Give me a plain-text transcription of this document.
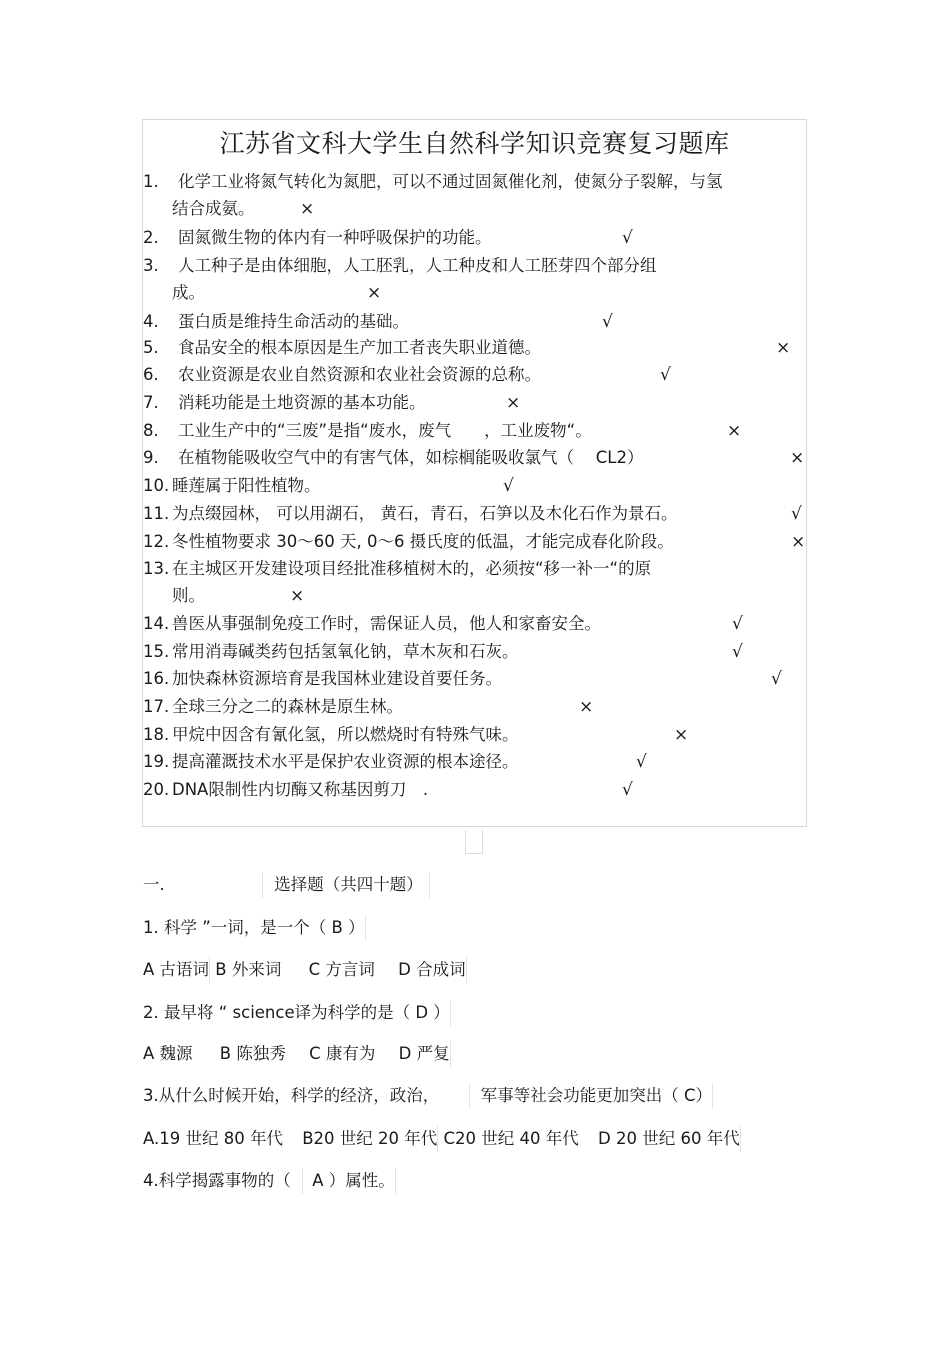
江苏省文科大学生自然科学知识竞赛复习题库
1. 化学工业将氮气转化为氮肥，可以不通过固氮催化剂，使氮分子裂解，与氢
结合成氨。	×
2. 固氮微生物的体内有一种呼吸保护的功能。	√
3. 人工种子是由体细胞，人工胚乳，人工种皮和人工胚芽四个部分组
成。	×
4. 蛋白质是维持生命活动的基础。	√
5. 食品安全的根本原因是生产加工者丧失职业道德。	×
6. 农业资源是农业自然资源和农业社会资源的总称。	√
7. 消耗功能是土地资源的基本功能。	×
8. 工业生产中的“三废”是指“废水，废气　　，工业废物“。	×
9. 在植物能吸收空气中的有害气体，如棕榈能吸收氯气（　 CL2）	×
10. 睡莲属于阳性植物。	√
11. 为点缀园林， 可以用湖石， 黄石，青石，石笋以及木化石作为景石。	√
12. 冬性植物要求 30～60 天, 0～6 摄氏度的低温，才能完成春化阶段。	×
13. 在主城区开发建设项目经批准移植树木的，必须按“移一补一“的原
则。	×
14. 兽医从事强制免疫工作时，需保证人员，他人和家畜安全。	√
15. 常用消毒碱类药包括氢氧化钠，草木灰和石灰。	√
16. 加快森林资源培育是我国林业建设首要任务。	√
17. 全球三分之二的森林是原生林。	×
18. 甲烷中因含有氰化氢，所以燃烧时有特殊气味。	×
19. 提高灌溉技术水平是保护农业资源的根本途径。	√
20. DNA限制性内切酶又称基因剪刀　.	√
一.	选择题（共四十题）
1. 科学 ”一词，是一个（ B ）
A 古语词 B 外来词 C 方言词 D 合成词
2. 最早将 “ science译为科学的是（ D ）
A 魏源 B 陈独秀 C 康有为 D 严复
3.从什么时候开始，科学的经济，政治，	军事等社会功能更加突出（ C）
A.19 世纪 80 年代 B20 世纪 20 年代 C20 世纪 40 年代 D 20 世纪 60 年代
4.科学揭露事物的（ A ）属性。
